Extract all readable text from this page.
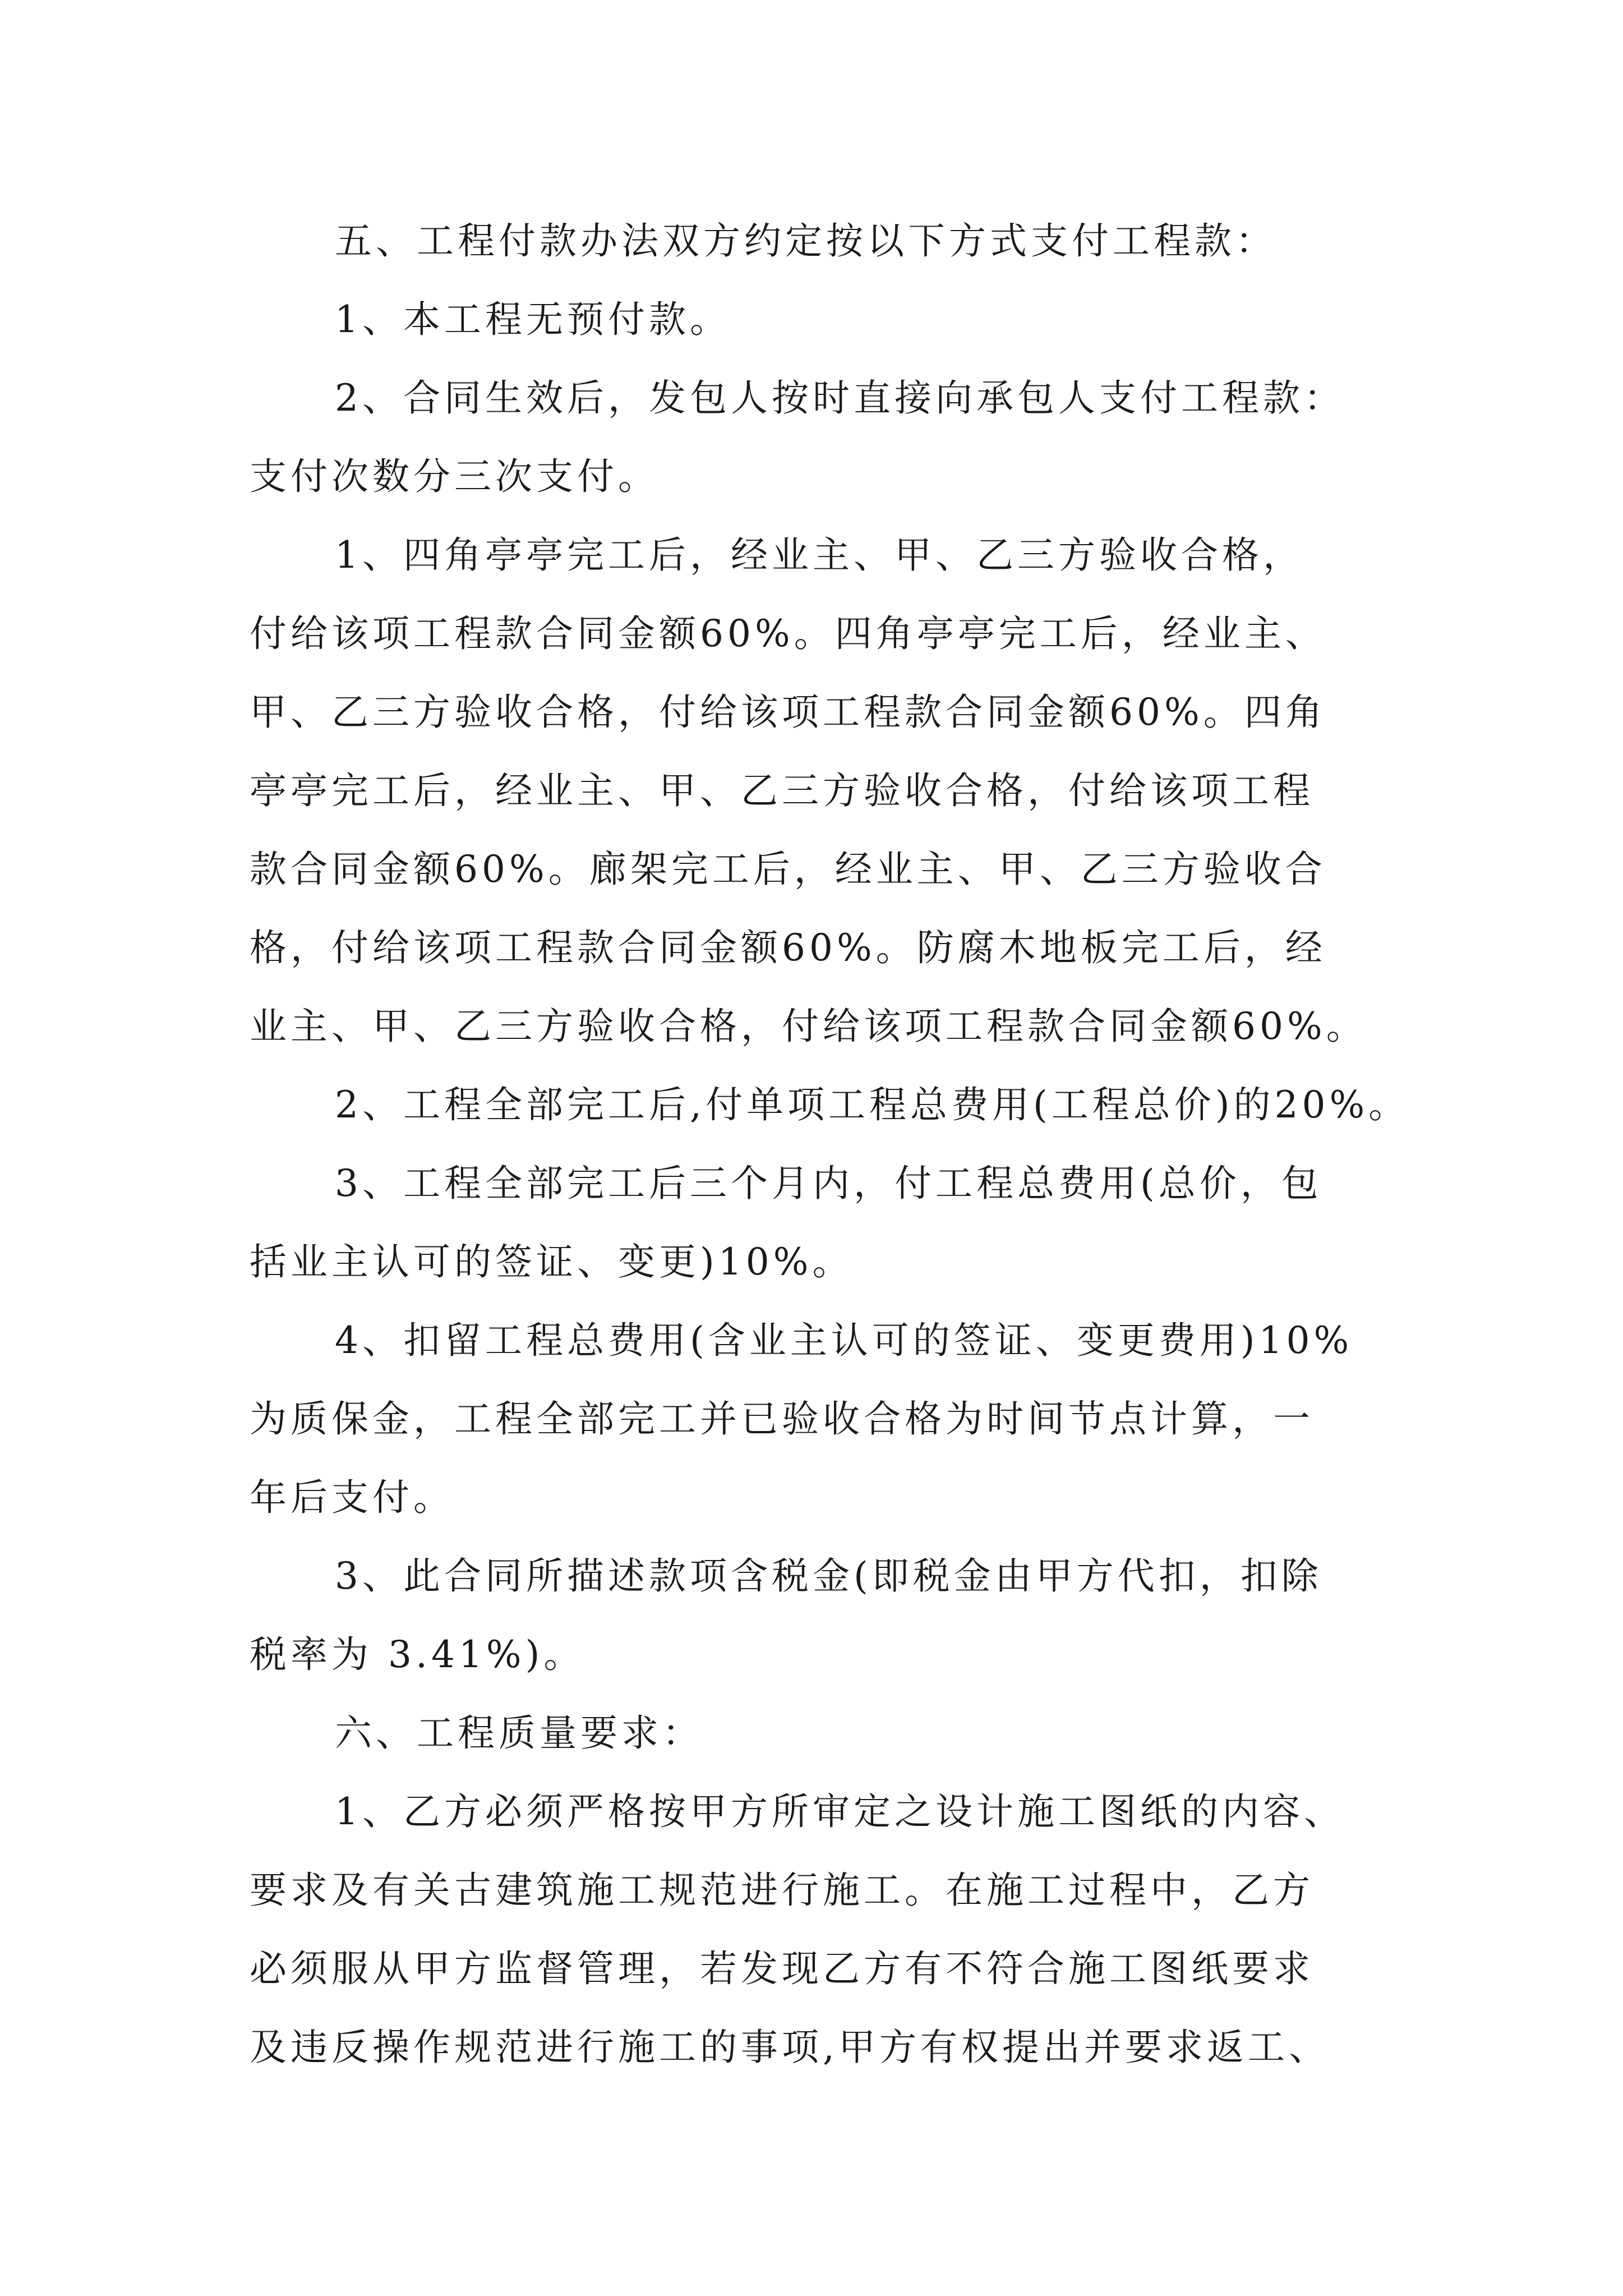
五、工程付款办法双方约定按以下方式支付工程款：
1、本工程无预付款。
2、合同生效后，发包人按时直接向承包人支付工程款：
支付次数分三次支付。
1、四角亭亭完工后，经业主、甲、乙三方验收合格，
付给该项工程款合同金额60%。四角亭亭完工后，经业主、
甲、乙三方验收合格，付给该项工程款合同金额60%。四角
亭亭完工后，经业主、甲、乙三方验收合格，付给该项工程
款合同金额60%。廊架完工后，经业主、甲、乙三方验收合
格，付给该项工程款合同金额60%。防腐木地板完工后，经
业主、甲、乙三方验收合格，付给该项工程款合同金额60%。
2、工程全部完工后,付单项工程总费用(工程总价)的20%。
3、工程全部完工后三个月内，付工程总费用(总价，包
括业主认可的签证、变更)10%。
4、扣留工程总费用(含业主认可的签证、变更费用)10%
为质保金，工程全部完工并已验收合格为时间节点计算，一
年后支付。
3、此合同所描述款项含税金(即税金由甲方代扣，扣除
税率为 3.41%)。
六、工程质量要求：
1、乙方必须严格按甲方所审定之设计施工图纸的内容、
要求及有关古建筑施工规范进行施工。在施工过程中，乙方
必须服从甲方监督管理，若发现乙方有不符合施工图纸要求
及违反操作规范进行施工的事项,甲方有权提出并要求返工、
